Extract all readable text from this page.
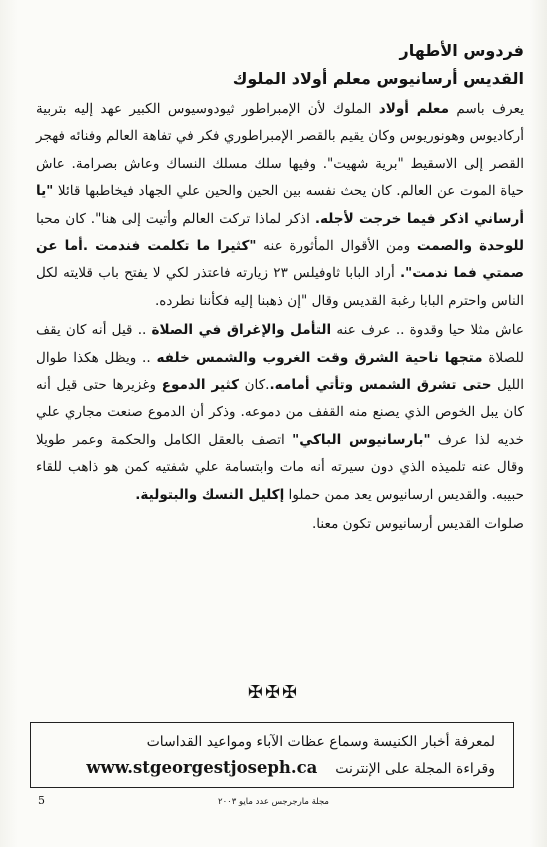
فردوس الأطهار
القديس أرسانيوس معلم أولاد الملوك

يعرف باسم معلم أولاد الملوك لأن الإمبراطور ثيودوسيوس الكبير عهد إليه بتربية أركاديوس وهونوريوس وكان يقيم بالقصر الإمبراطوري فكر في تفاهة العالم وفنائه فهجر القصر إلى الاسقيط "برية شهيت". وفيها سلك مسلك النساك وعاش بصرامة. عاش حياة الموت عن العالم. كان يحث نفسه بين الحين والحين علي الجهاد فيخاطبها قائلا "يا أرساني اذكر فيما خرجت لأجله. اذكر لماذا تركت العالم وأتيت إلى هنا". كان محبا للوحدة والصمت ومن الأقوال المأثورة عنه "كثيرا ما تكلمت فندمت .أما عن صمتي فما ندمت". أراد البابا ثاوفيلس ٢٣ زيارته فاعتذر لكي لا يفتح باب قلايته لكل الناس واحترم البابا رغبة القديس وقال "إن ذهبنا إليه فكأننا نطرده.

عاش مثلا حيا وقدوة .. عرف عنه التأمل والإغراق في الصلاة .. قيل أنه كان يقف للصلاة متجها ناحية الشرق وقت الغروب والشمس خلفه .. ويظل هكذا طوال الليل حتى تشرق الشمس وتأتي أمامه..كان كثير الدموع وغزيرها حتى قيل أنه كان يبل الخوص الذي يصنع منه القفف من دموعه. وذكر أن الدموع صنعت مجاري علي خديه لذا عرف "بارسانيوس الباكي" اتصف بالعقل الكامل والحكمة وعمر طويلا وقال عنه تلميذه الذي دون سيرته أنه مات وابتسامة علي شفتيه كمن هو ذاهب للقاء حبيبه. والقديس ارسانيوس يعد ممن حملوا إكليل النسك والبتولية.

صلوات القديس أرسانيوس تكون معنا.

✠✠✠
لمعرفة أخبار الكنيسة وسماع عظات الآباء ومواعيد القداسات
وقراءة المجلة على الإنترنت    www.stgeorgestjoseph.ca
5	مجلة مارجرجس عدد مايو ٢٠٠٣
